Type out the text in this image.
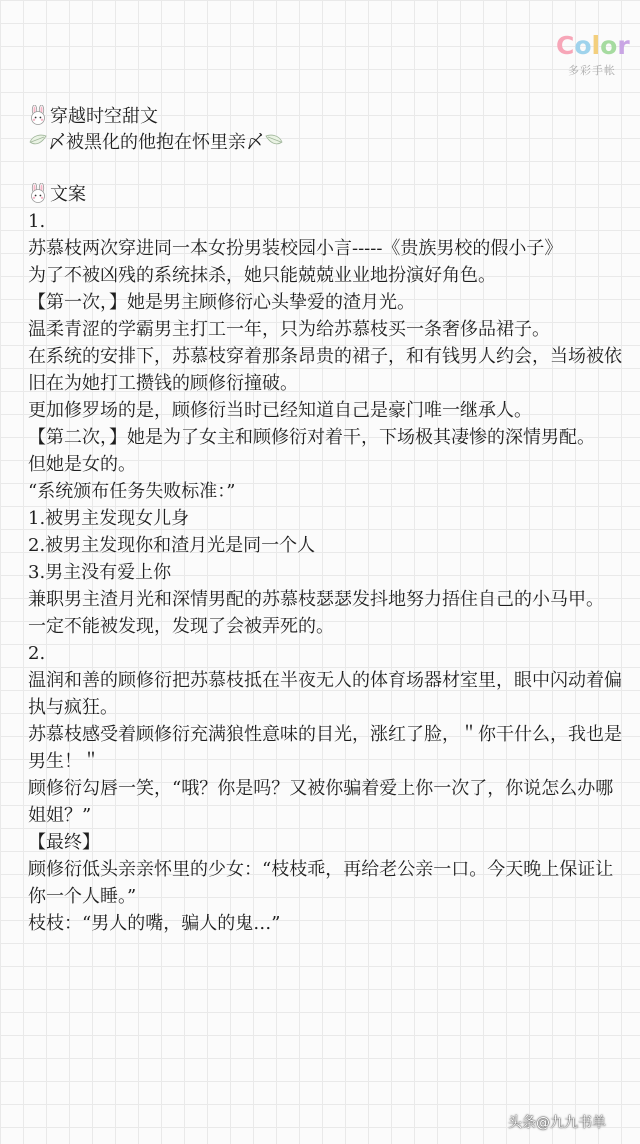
Color
多彩手帐
穿越时空甜文
〆被黑化的他抱在怀里亲〆
文案
1.
苏慕枝两次穿进同一本女扮男装校园小言-----《贵族男校的假小子》
为了不被凶残的系统抹杀，她只能兢兢业业地扮演好角色。
【第一次，】她是男主顾修衍心头挚爱的渣月光。
温柔青涩的学霸男主打工一年，只为给苏慕枝买一条奢侈品裙子。
在系统的安排下，苏慕枝穿着那条昂贵的裙子，和有钱男人约会，当场被依旧在为她打工攒钱的顾修衍撞破。
更加修罗场的是，顾修衍当时已经知道自己是豪门唯一继承人。
【第二次，】她是为了女主和顾修衍对着干，下场极其凄惨的深情男配。
但她是女的。
“系统颁布任务失败标准：”
1.被男主发现女儿身
2.被男主发现你和渣月光是同一个人
3.男主没有爱上你
兼职男主渣月光和深情男配的苏慕枝瑟瑟发抖地努力捂住自己的小马甲。
一定不能被发现，发现了会被弄死的。
2.
温润和善的顾修衍把苏慕枝抵在半夜无人的体育场器材室里，眼中闪动着偏执与疯狂。
苏慕枝感受着顾修衍充满狼性意味的目光，涨红了脸，＂你干什么，我也是男生！＂
顾修衍勾唇一笑，“哦？你是吗？又被你骗着爱上你一次了，你说怎么办哪姐姐？”
【最终】
顾修衍低头亲亲怀里的少女：“枝枝乖，再给老公亲一口。今天晚上保证让你一个人睡。”
枝枝：“男人的嘴，骗人的鬼…”
头条@九九书单
